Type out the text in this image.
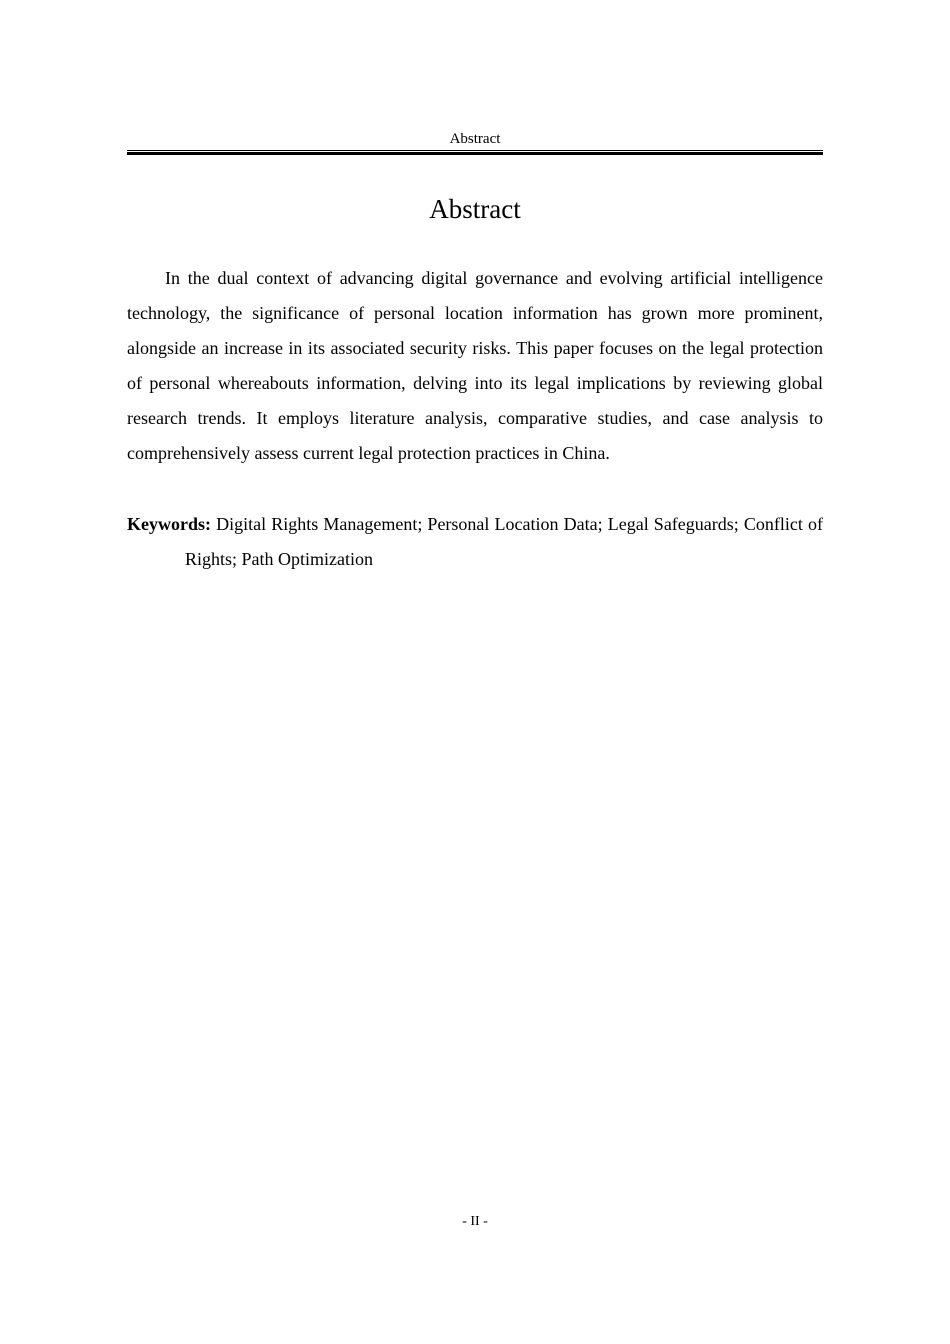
Abstract
Abstract

In the dual context of advancing digital governance and evolving artificial intelligence technology, the significance of personal location information has grown more prominent, alongside an increase in its associated security risks. This paper focuses on the legal protection of personal whereabouts information, delving into its legal implications by reviewing global research trends. It employs literature analysis, comparative studies, and case analysis to comprehensively assess current legal protection practices in China.

Keywords: Digital Rights Management; Personal Location Data; Legal Safeguards; Conflict of Rights; Path Optimization

- II -
